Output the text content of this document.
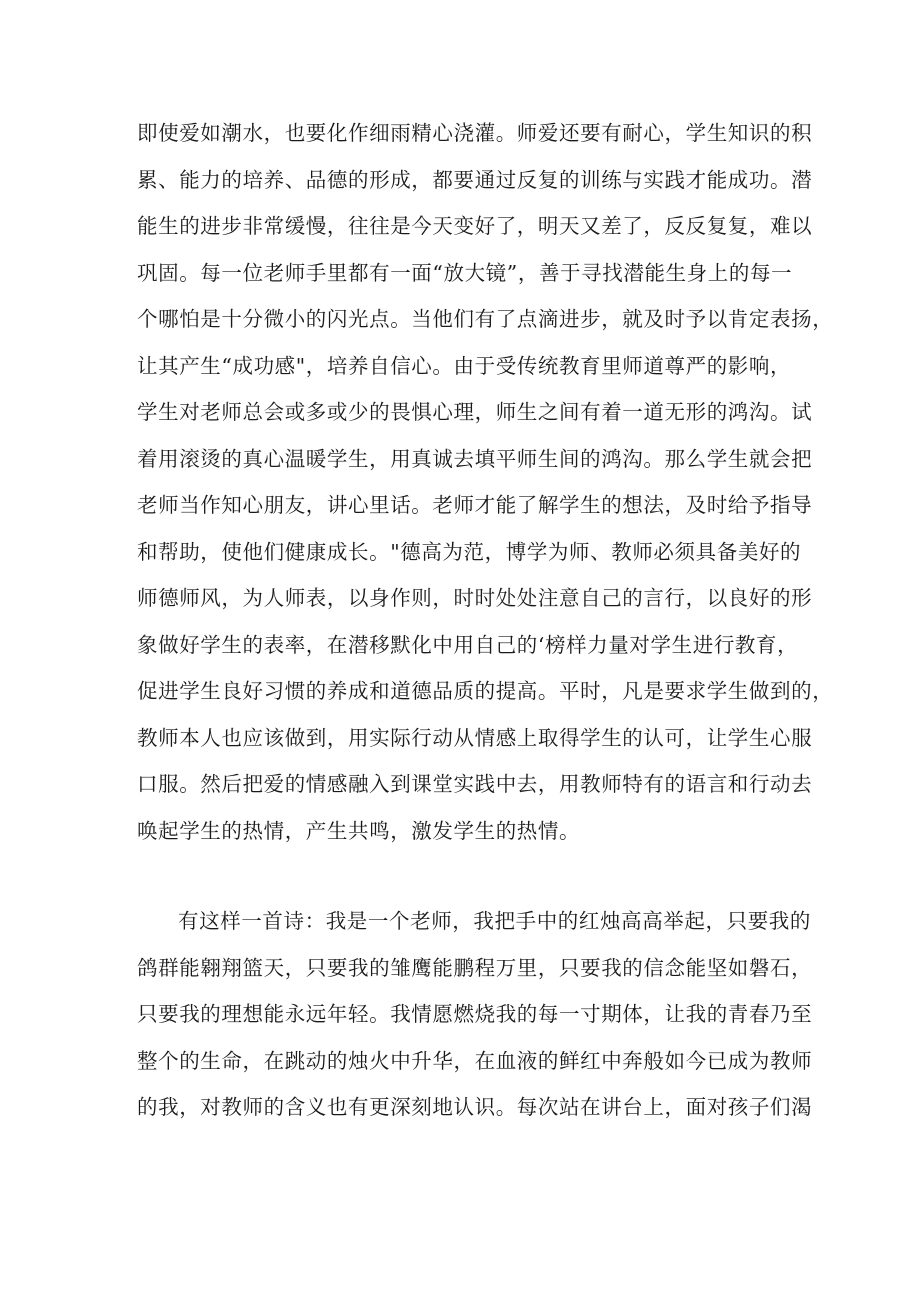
即使爱如潮水，也要化作细雨精心浇灌。师爱还要有耐心，学生知识的积
累、能力的培养、品德的形成，都要通过反复的训练与实践才能成功。潜
能生的进步非常缓慢，往往是今天变好了，明天又差了，反反复复，难以
巩固。每一位老师手里都有一面“放大镜”，善于寻找潜能生身上的每一
个哪怕是十分微小的闪光点。当他们有了点滴进步，就及时予以肯定表扬，
让其产生“成功感"，培养自信心。由于受传统教育里师道尊严的影响，
学生对老师总会或多或少的畏惧心理，师生之间有着一道无形的鸿沟。试
着用滚烫的真心温暖学生，用真诚去填平师生间的鸿沟。那么学生就会把
老师当作知心朋友，讲心里话。老师才能了解学生的想法，及时给予指导
和帮助，使他们健康成长。"德高为范，博学为师、教师必须具备美好的
师德师风，为人师表，以身作则，时时处处注意自己的言行，以良好的形
象做好学生的表率，在潜移默化中用自己的‘榜样力量对学生进行教育，
促进学生良好习惯的养成和道德品质的提高。平时，凡是要求学生做到的，
教师本人也应该做到，用实际行动从情感上取得学生的认可，让学生心服
口服。然后把爱的情感融入到课堂实践中去，用教师特有的语言和行动去
唤起学生的热情，产生共鸣，激发学生的热情。
有这样一首诗：我是一个老师，我把手中的红烛高高举起，只要我的
鸽群能翱翔篮天，只要我的雏鹰能鹏程万里，只要我的信念能坚如磐石，
只要我的理想能永远年轻。我情愿燃烧我的每一寸期体，让我的青春乃至
整个的生命，在跳动的烛火中升华，在血液的鲜红中奔般如今已成为教师
的我，对教师的含义也有更深刻地认识。每次站在讲台上，面对孩子们渴
